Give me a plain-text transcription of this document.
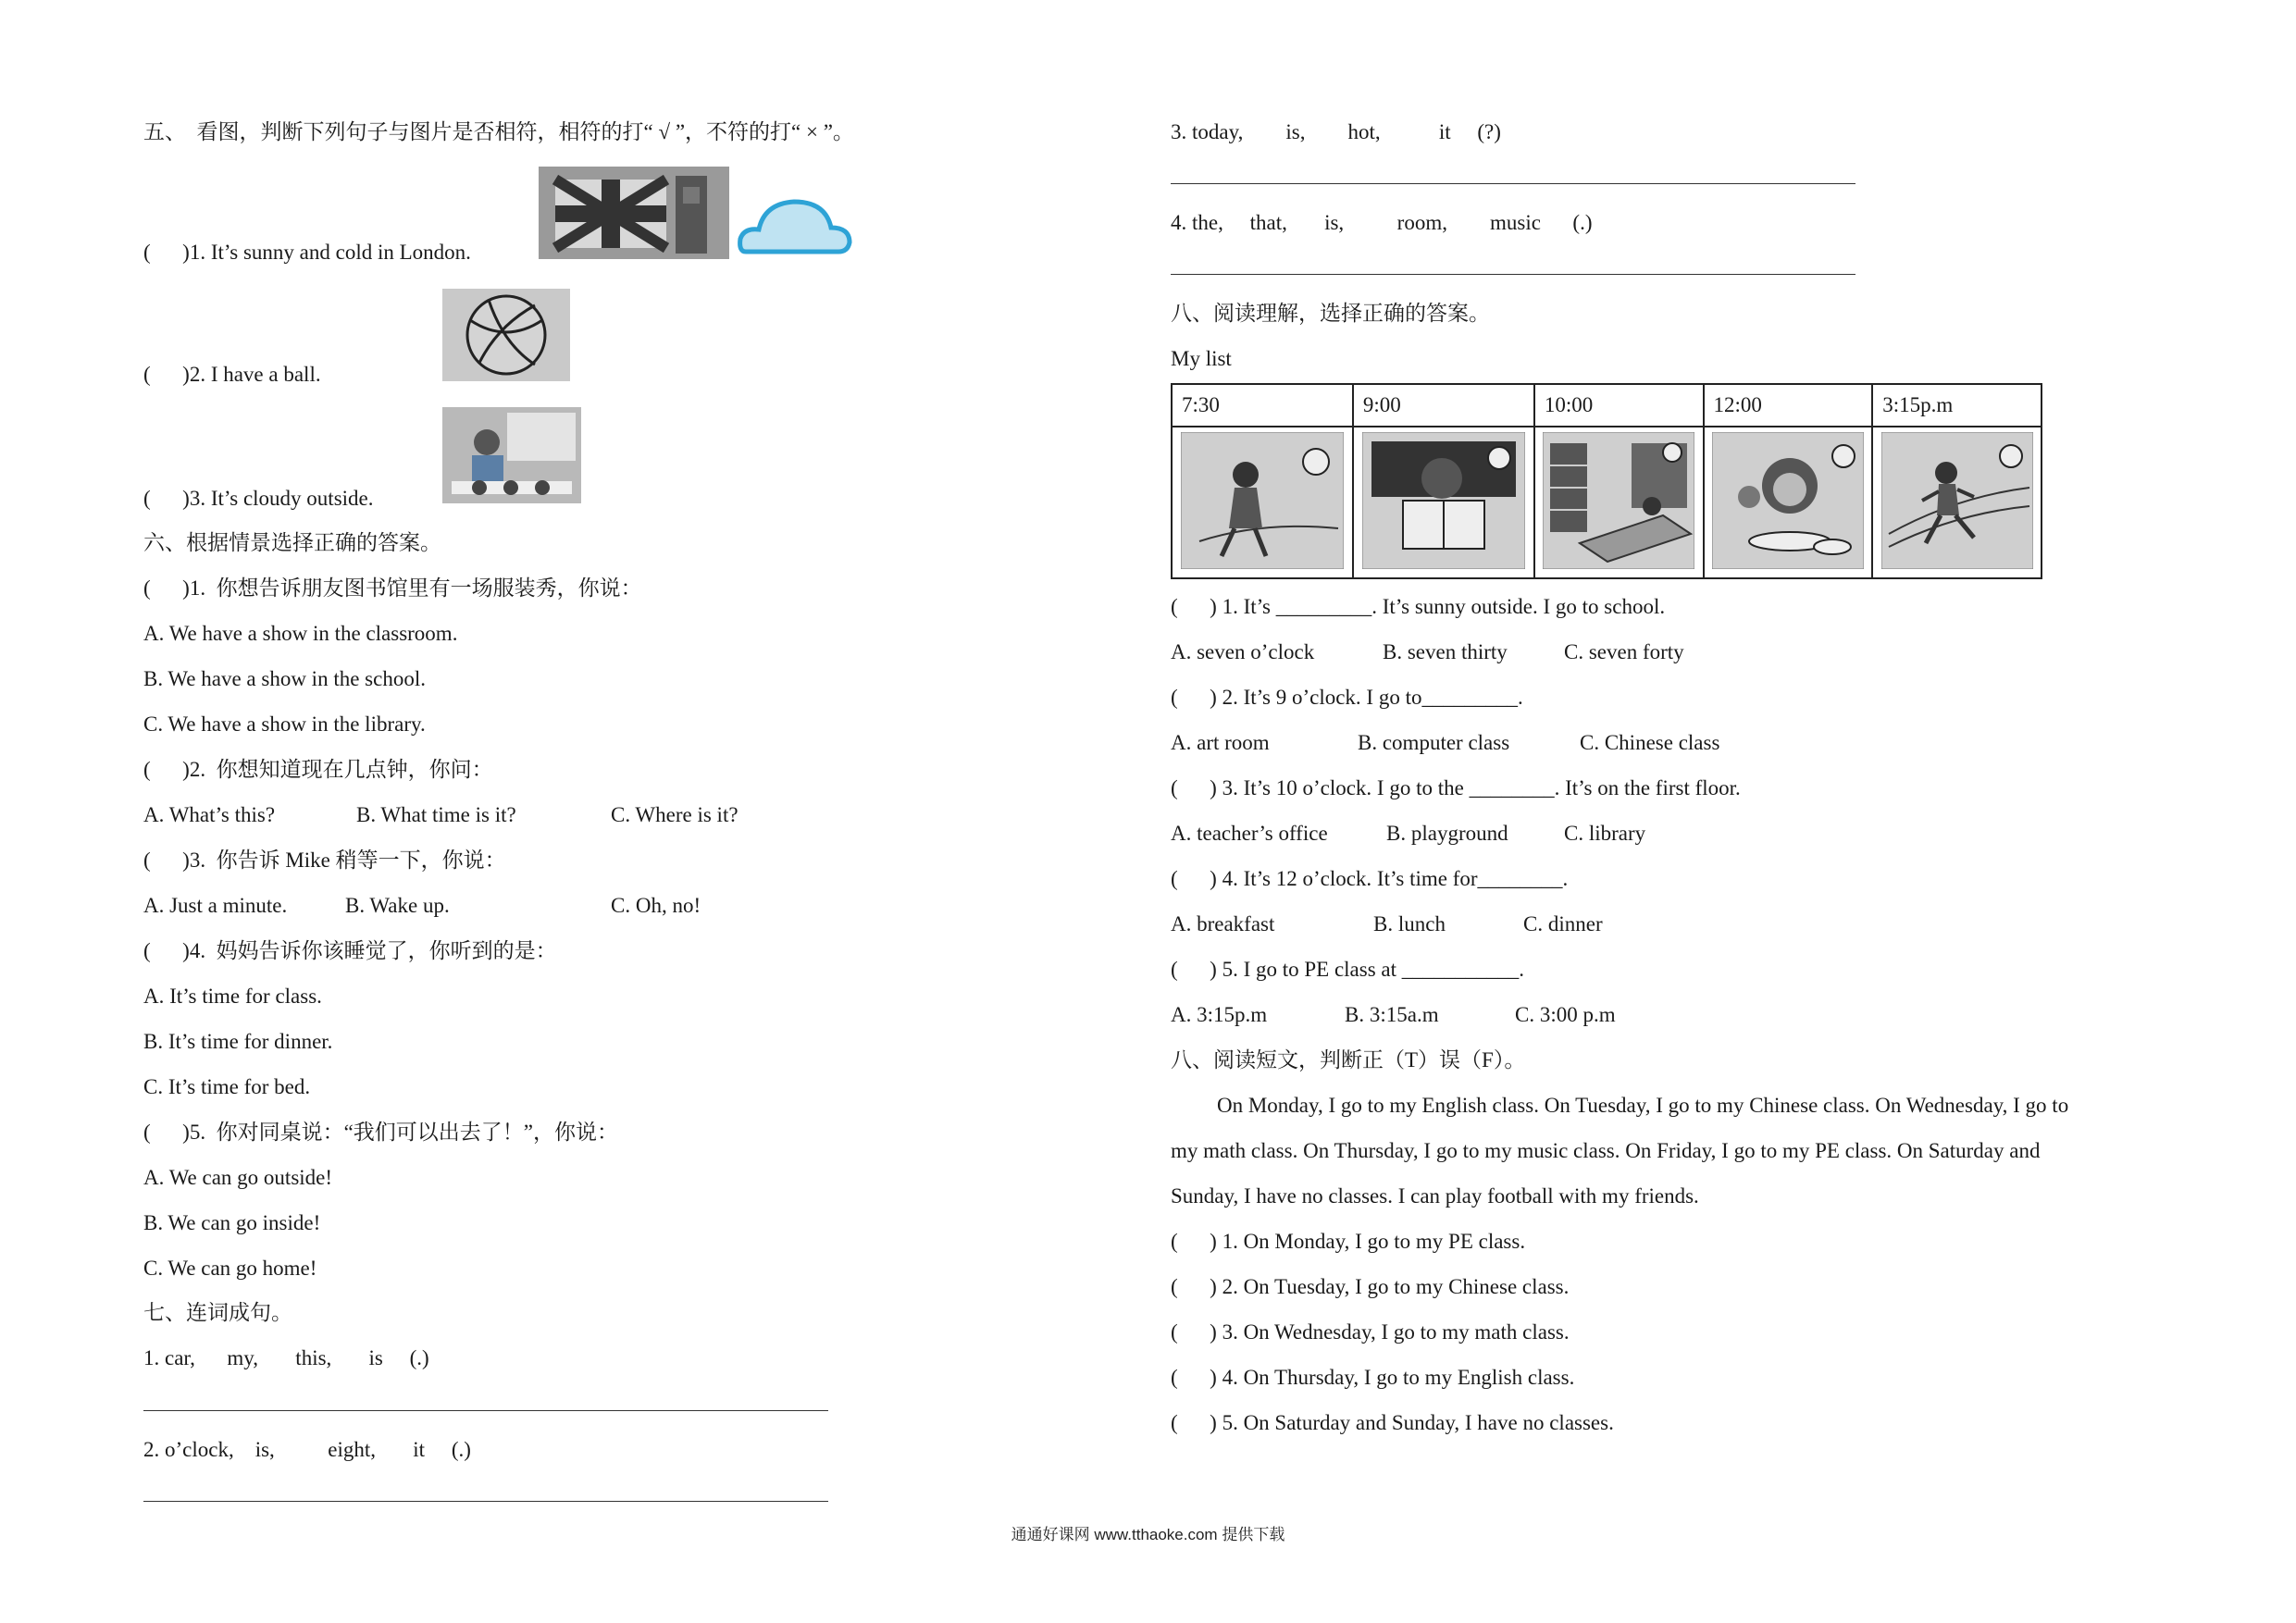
五、  看图，判断下列句子与图片是否相符，相符的打“ √ ”，不符的打“ × ”。
(      )1. It’s sunny and cold in London.
(      )2. I have a ball.
(      )3. It’s cloudy outside.
六、根据情景选择正确的答案。
(      )1.  你想告诉朋友图书馆里有一场服装秀，你说：
A. We have a show in the classroom.
B. We have a show in the school.
C. We have a show in the library.
(      )2.  你想知道现在几点钟，你问：
A. What’s this?	B. What time is it?	C. Where is it?
(      )3.  你告诉 Mike 稍等一下，你说：
A. Just a minute.	B. Wake up.	C. Oh, no!
(      )4.  妈妈告诉你该睡觉了，你听到的是：
A. It’s time for class.
B. It’s time for dinner.
C. It’s time for bed.
(      )5.  你对同桌说：“我们可以出去了！”，你说：
A. We can go outside!
B. We can go inside!
C. We can go home!
七、连词成句。
1. car,      my,       this,       is     (.)
2. o’clock,    is,          eight,       it     (.)
3. today,        is,        hot,           it     (?)
4. the,     that,       is,          room,        music      (.)
八、阅读理解，选择正确的答案。
My list
7:30	9:00	10:00	12:00	3:15p.m

(      ) 1. It’s _________. It’s sunny outside. I go to school.
A. seven o’clock	B. seven thirty	C. seven forty
(      ) 2. It’s 9 o’clock. I go to_________.
A. art room	B. computer class	C. Chinese class
(      ) 3. It’s 10 o’clock. I go to the ________. It’s on the first floor.
A. teacher’s office	B. playground	C. library
(      ) 4. It’s 12 o’clock. It’s time for________.
A. breakfast	B. lunch	C. dinner
(      ) 5. I go to PE class at ___________.
A. 3:15p.m	B. 3:15a.m	C. 3:00 p.m
八、阅读短文，判断正（T）误（F）。
On Monday, I go to my English class. On Tuesday, I go to my Chinese class. On Wednesday, I go to
my math class. On Thursday, I go to my music class. On Friday, I go to my PE class. On Saturday and
Sunday, I have no classes. I can play football with my friends.
(      ) 1. On Monday, I go to my PE class.
(      ) 2. On Tuesday, I go to my Chinese class.
(      ) 3. On Wednesday, I go to my math class.
(      ) 4. On Thursday, I go to my English class.
(      ) 5. On Saturday and Sunday, I have no classes.
通通好课网 www.tthaoke.com 提供下载
